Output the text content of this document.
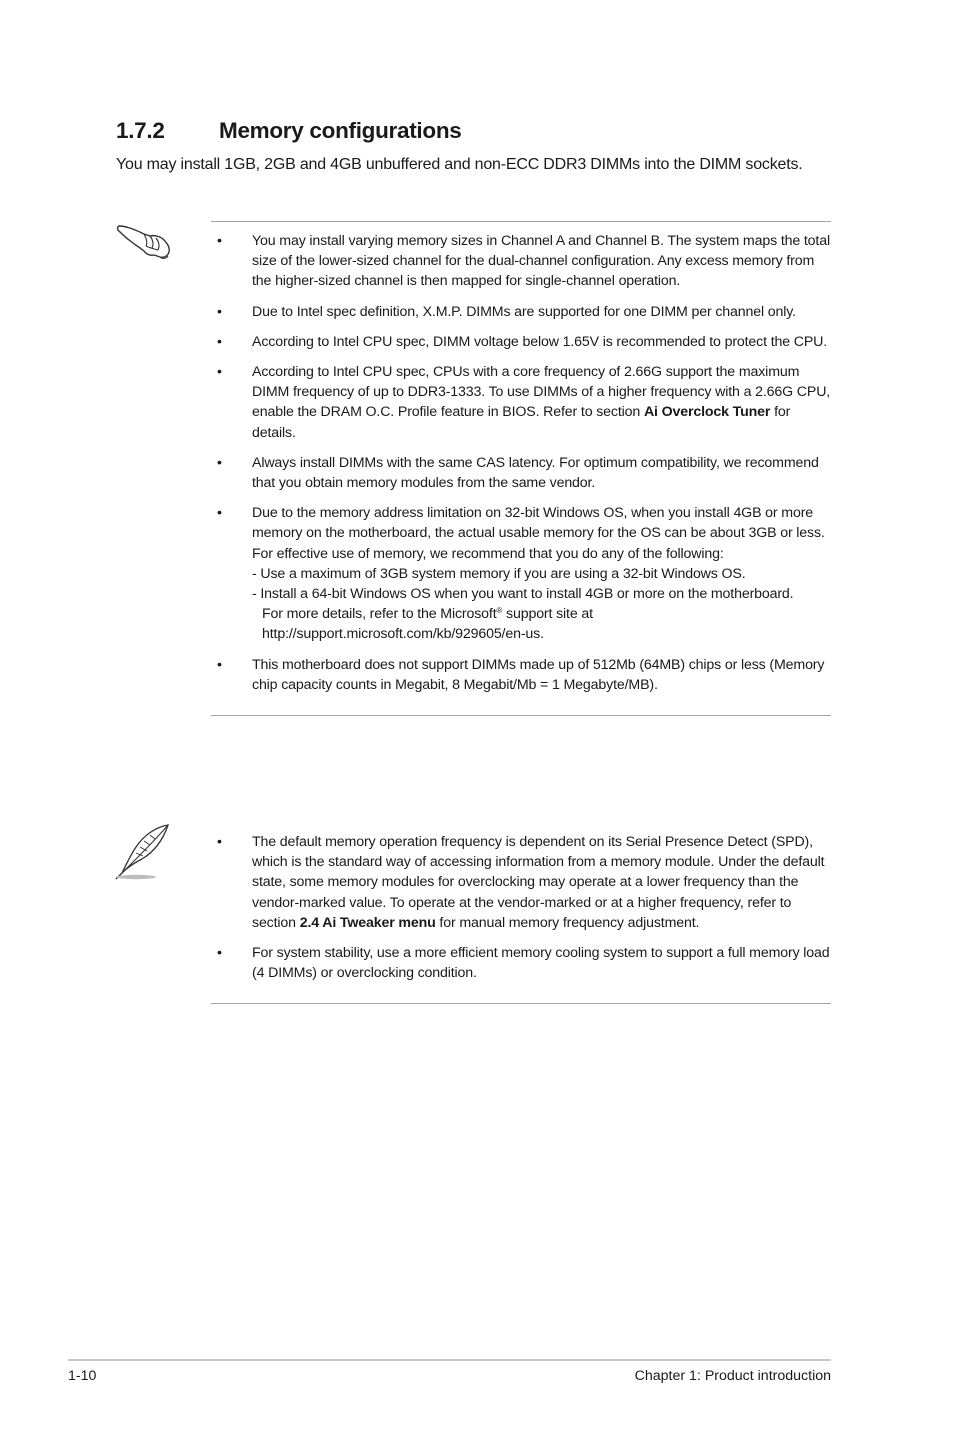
1.7.2 Memory configurations
You may install 1GB, 2GB and 4GB unbuffered and non-ECC DDR3 DIMMs into the DIMM sockets.
• You may install varying memory sizes in Channel A and Channel B. The system maps the total size of the lower-sized channel for the dual-channel configuration. Any excess memory from the higher-sized channel is then mapped for single-channel operation.
• Due to Intel spec definition, X.M.P. DIMMs are supported for one DIMM per channel only.
• According to Intel CPU spec, DIMM voltage below 1.65V is recommended to protect the CPU.
• According to Intel CPU spec, CPUs with a core frequency of 2.66G support the maximum DIMM frequency of up to DDR3-1333. To use DIMMs of a higher frequency with a 2.66G CPU, enable the DRAM O.C. Profile feature in BIOS. Refer to section Ai Overclock Tuner for details.
• Always install DIMMs with the same CAS latency. For optimum compatibility, we recommend that you obtain memory modules from the same vendor.
• Due to the memory address limitation on 32-bit Windows OS, when you install 4GB or more memory on the motherboard, the actual usable memory for the OS can be about 3GB or less. For effective use of memory, we recommend that you do any of the following:
- Use a maximum of 3GB system memory if you are using a 32-bit Windows OS.
- Install a 64-bit Windows OS when you want to install 4GB or more on the motherboard.
For more details, refer to the Microsoft® support site at
http://support.microsoft.com/kb/929605/en-us.
• This motherboard does not support DIMMs made up of 512Mb (64MB) chips or less (Memory chip capacity counts in Megabit, 8 Megabit/Mb = 1 Megabyte/MB).
• The default memory operation frequency is dependent on its Serial Presence Detect (SPD), which is the standard way of accessing information from a memory module. Under the default state, some memory modules for overclocking may operate at a lower frequency than the vendor-marked value. To operate at the vendor-marked or at a higher frequency, refer to section 2.4 Ai Tweaker menu for manual memory frequency adjustment.
• For system stability, use a more efficient memory cooling system to support a full memory load (4 DIMMs) or overclocking condition.
1-10	Chapter 1: Product introduction
